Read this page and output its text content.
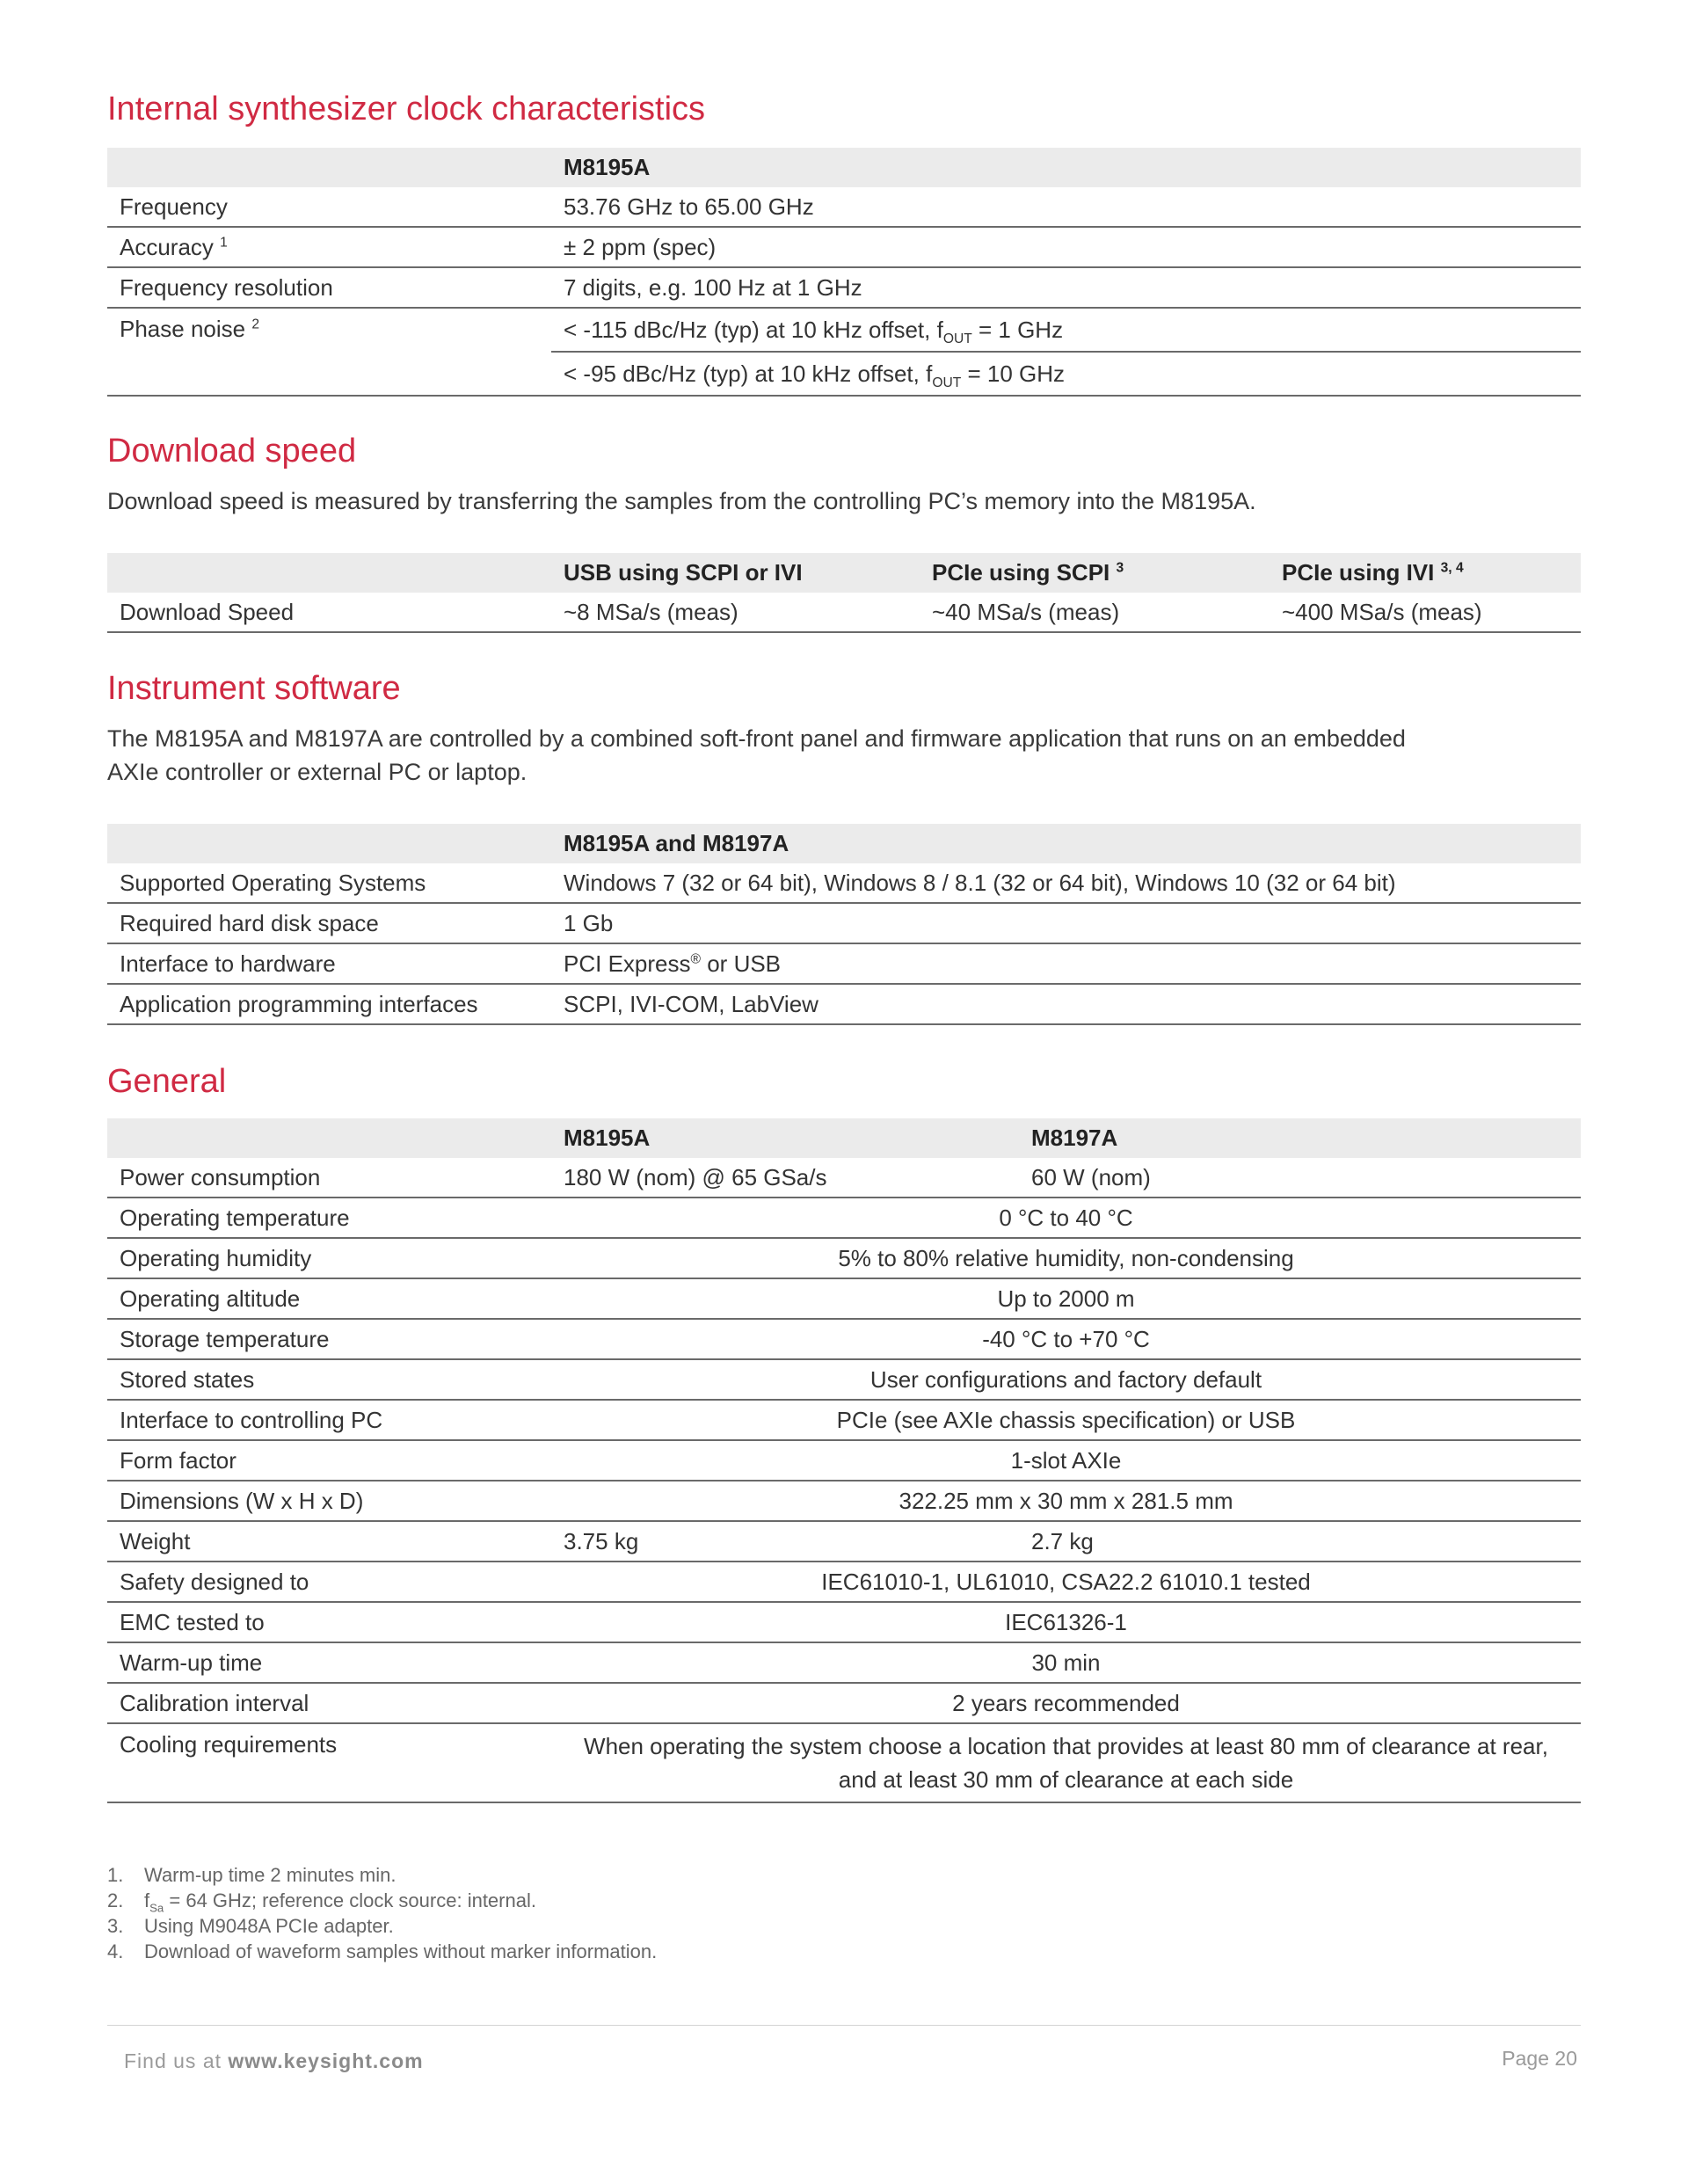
Internal synthesizer clock characteristics
	M8195A
Frequency	53.76 GHz to 65.00 GHz
Accuracy $^1$	± 2 ppm (spec)
Frequency resolution	7 digits, e.g. 100 Hz at 1 GHz
Phase noise $^2$	< -115 dBc/Hz (typ) at 10 kHz offset, $f_{OUT} = 1$ GHz
	< -95 dBc/Hz (typ) at 10 kHz offset, $f_{OUT} = 10$ GHz
Download speed

Download speed is measured by transferring the samples from the controlling PC’s memory into the M8195A.

	USB using SCPI or IVI	PCIe using SCPI $^3$	PCIe using IVI $^{3, 4}$
Download Speed	~8 MSa/s (meas)	~40 MSa/s (meas)	~400 MSa/s (meas)
Instrument software

The M8195A and M8197A are controlled by a combined soft-front panel and firmware application that runs on an embedded

AXIe controller or external PC or laptop.

	M8195A and M8197A
Supported Operating Systems	Windows 7 (32 or 64 bit), Windows 8 / 8.1 (32 or 64 bit), Windows 10 (32 or 64 bit)
Required hard disk space	1 Gb
Interface to hardware	PCI Express® or USB
Application programming interfaces	SCPI, IVI-COM, LabView
General
	M8195A	M8197A
Power consumption	180 W (nom) @ 65 GSa/s	60 W (nom)
Operating temperature	0 °C to 40 °C	
Operating humidity	5% to 80% relative humidity, non-condensing	
Operating altitude	Up to 2000 m	
Storage temperature	-40 °C to +70 °C	
Stored states	User configurations and factory default	
Interface to controlling PC	PCIe (see AXIe chassis specification) or USB	
Form factor	1-slot AXIe	
Dimensions (W x H x D)	322.25 mm x 30 mm x 281.5 mm	
Weight	3.75 kg	2.7 kg
Safety designed to	IEC61010-1, UL61010, CSA22.2 61010.1 tested	
EMC tested to	IEC61326-1	
Warm-up time	30 min	
Calibration interval	2 years recommended	
Cooling requirements	When operating the system choose a location that provides at least 80 mm of clearance at rear,
and at least 30 mm of clearance at each side	
1. Warm-up time 2 minutes min.
2. $f_{Sa} = 64$ GHz; reference clock source: internal.
3. Using M9048A PCIe adapter.
4. Download of waveform samples without marker information.
Find us at www.keysight.com	Page 20
